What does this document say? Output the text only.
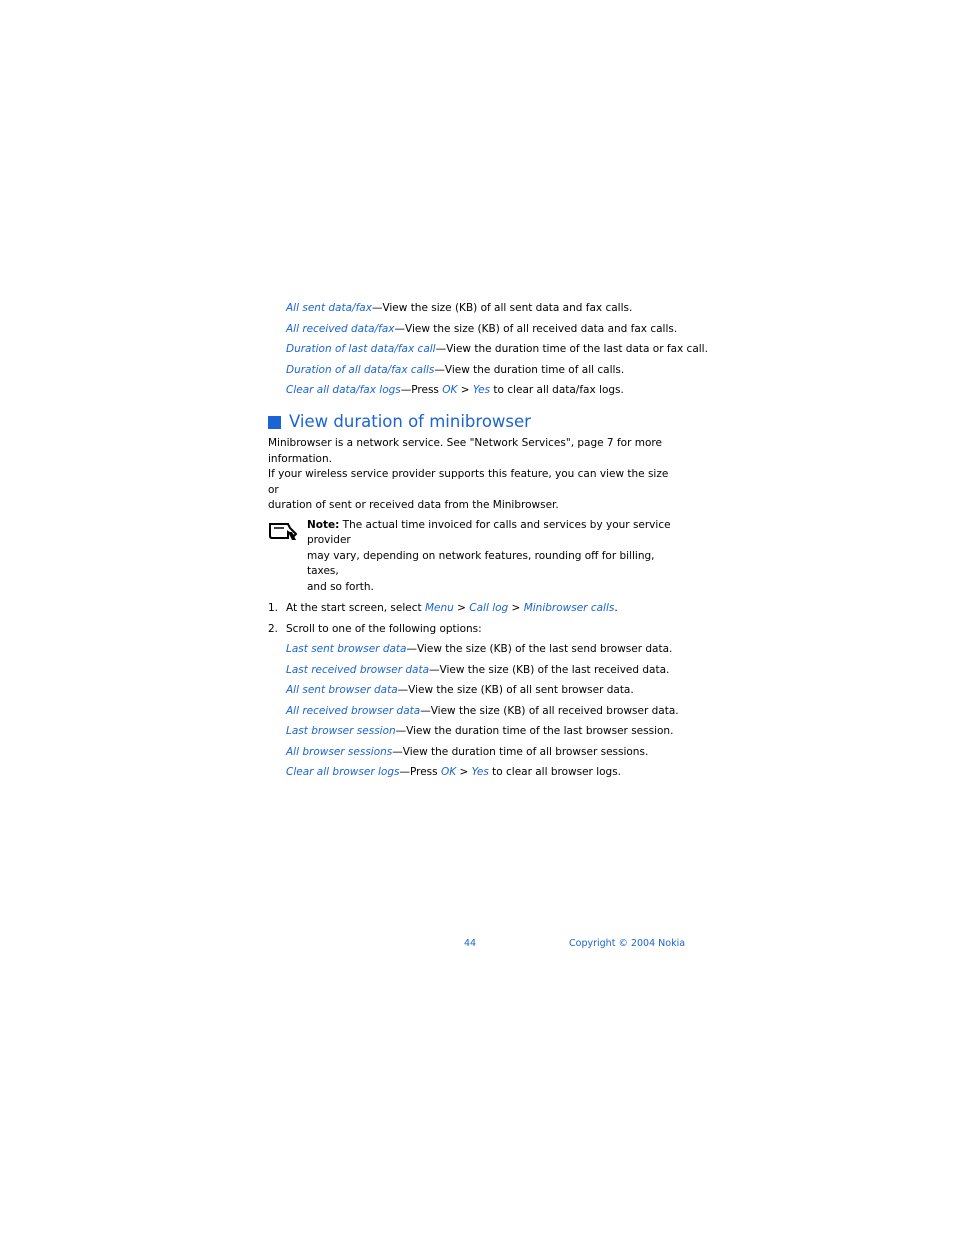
All sent data/fax—View the size (KB) of all sent data and fax calls.
All received data/fax—View the size (KB) of all received data and fax calls.
Duration of last data/fax call—View the duration time of the last data or fax call.
Duration of all data/fax calls—View the duration time of all calls.
Clear all data/fax logs—Press OK > Yes to clear all data/fax logs.
View duration of minibrowser
Minibrowser is a network service. See "Network Services", page 7 for more information.
If your wireless service provider supports this feature, you can view the size or
duration of sent or received data from the Minibrowser.
Note: The actual time invoiced for calls and services by your service provider
may vary, depending on network features, rounding off for billing, taxes,
and so forth.
1. At the start screen, select Menu > Call log > Minibrowser calls.
2. Scroll to one of the following options:
Last sent browser data—View the size (KB) of the last send browser data.
Last received browser data—View the size (KB) of the last received data.
All sent browser data—View the size (KB) of all sent browser data.
All received browser data—View the size (KB) of all received browser data.
Last browser session—View the duration time of the last browser session.
All browser sessions—View the duration time of all browser sessions.
Clear all browser logs—Press OK > Yes to clear all browser logs.
44	Copyright © 2004 Nokia
